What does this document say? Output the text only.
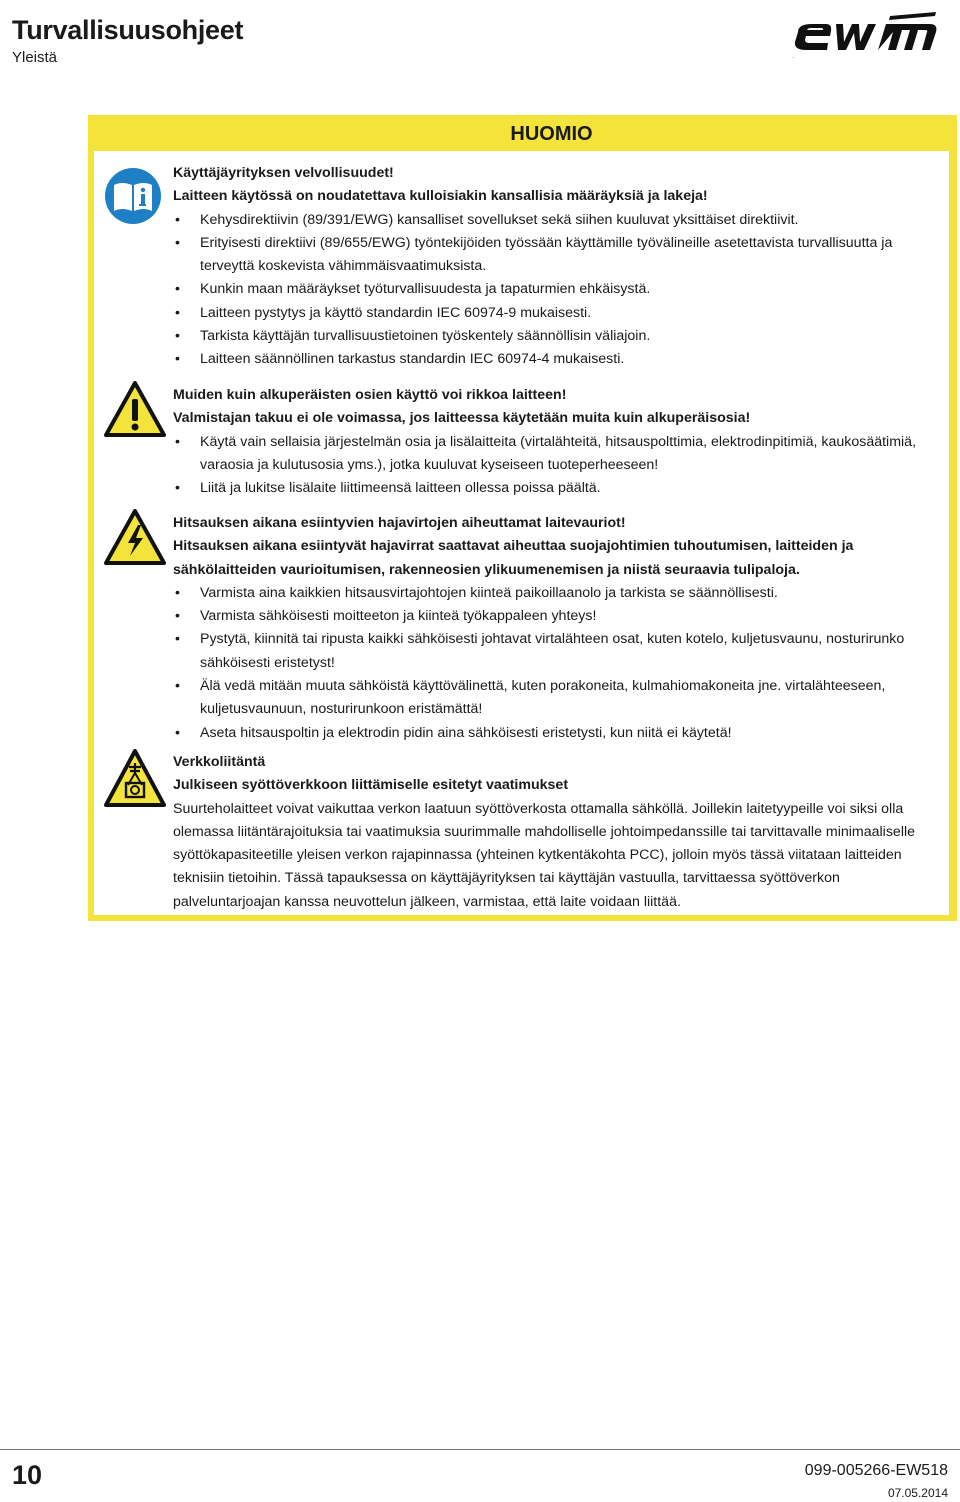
Turvallisuusohjeet
Yleistä	ewm
HUOMIO

Käyttäjäyrityksen velvollisuudet!

Laitteen käytössä on noudatettava kulloisiakin kansallisia määräyksiä ja lakeja!

• Kehysdirektiivin (89/391/EWG) kansalliset sovellukset sekä siihen kuuluvat yksittäiset direktiivit.
• Erityisesti direktiivi (89/655/EWG) työntekijöiden työssään käyttämille työvälineille asetettavista turvallisuutta ja terveyttä koskevista vähimmäisvaatimuksista.
• Kunkin maan määräykset työturvallisuudesta ja tapaturmien ehkäisystä.
• Laitteen pystytys ja käyttö standardin IEC 60974-9 mukaisesti.
• Tarkista käyttäjän turvallisuustietoinen työskentely säännöllisin väliajoin.
• Laitteen säännöllinen tarkastus standardin IEC 60974-4 mukaisesti.

Muiden kuin alkuperäisten osien käyttö voi rikkoa laitteen!

Valmistajan takuu ei ole voimassa, jos laitteessa käytetään muita kuin alkuperäisosia!

• Käytä vain sellaisia järjestelmän osia ja lisälaitteita (virtalähteitä, hitsauspolttimia, elektrodinpitimiä, kaukosäätimiä, varaosia ja kulutusosia yms.), jotka kuuluvat kyseiseen tuoteperheeseen!
• Liitä ja lukitse lisälaite liittimeensä laitteen ollessa poissa päältä.

Hitsauksen aikana esiintyvien hajavirtojen aiheuttamat laitevauriot!

Hitsauksen aikana esiintyvät hajavirrat saattavat aiheuttaa suojajohtimien tuhoutumisen, laitteiden ja sähkölaitteiden vaurioitumisen, rakenneosien ylikuumenemisen ja niistä seuraavia tulipaloja.

• Varmista aina kaikkien hitsausvirtajohtojen kiinteä paikoillaanolo ja tarkista se säännöllisesti.
• Varmista sähköisesti moitteeton ja kiinteä työkappaleen yhteys!
• Pystytä, kiinnitä tai ripusta kaikki sähköisesti johtavat virtalähteen osat, kuten kotelo, kuljetusvaunu, nosturirunko sähköisesti eristetyst!
• Älä vedä mitään muuta sähköistä käyttövälinettä, kuten porakoneita, kulmahiomakoneita jne. virtalähteeseen, kuljetusvaunuun, nosturirunkoon eristämättä!
• Aseta hitsauspoltin ja elektrodin pidin aina sähköisesti eristetysti, kun niitä ei käytetä!

Verkkoliitäntä

Julkiseen syöttöverkkoon liittämiselle esitetyt vaatimukset

Suurteholaitteet voivat vaikuttaa verkon laatuun syöttöverkosta ottamalla sähköllä. Joillekin laitetyypeille voi siksi olla olemassa liitäntärajoituksia tai vaatimuksia suurimmalle mahdolliselle johtoimpedanssille tai tarvittavalle minimaaliselle syöttökapasiteetille yleisen verkon rajapinnassa (yhteinen kytkentäkohta PCC), jolloin myös tässä viitataan laitteiden teknisiin tietoihin. Tässä tapauksessa on käyttäjäyrityksen tai käyttäjän vastuulla, tarvittaessa syöttöverkon palveluntarjoajan kanssa neuvottelun jälkeen, varmistaa, että laite voidaan liittää.

10	099-005266-EW518
07.05.2014
